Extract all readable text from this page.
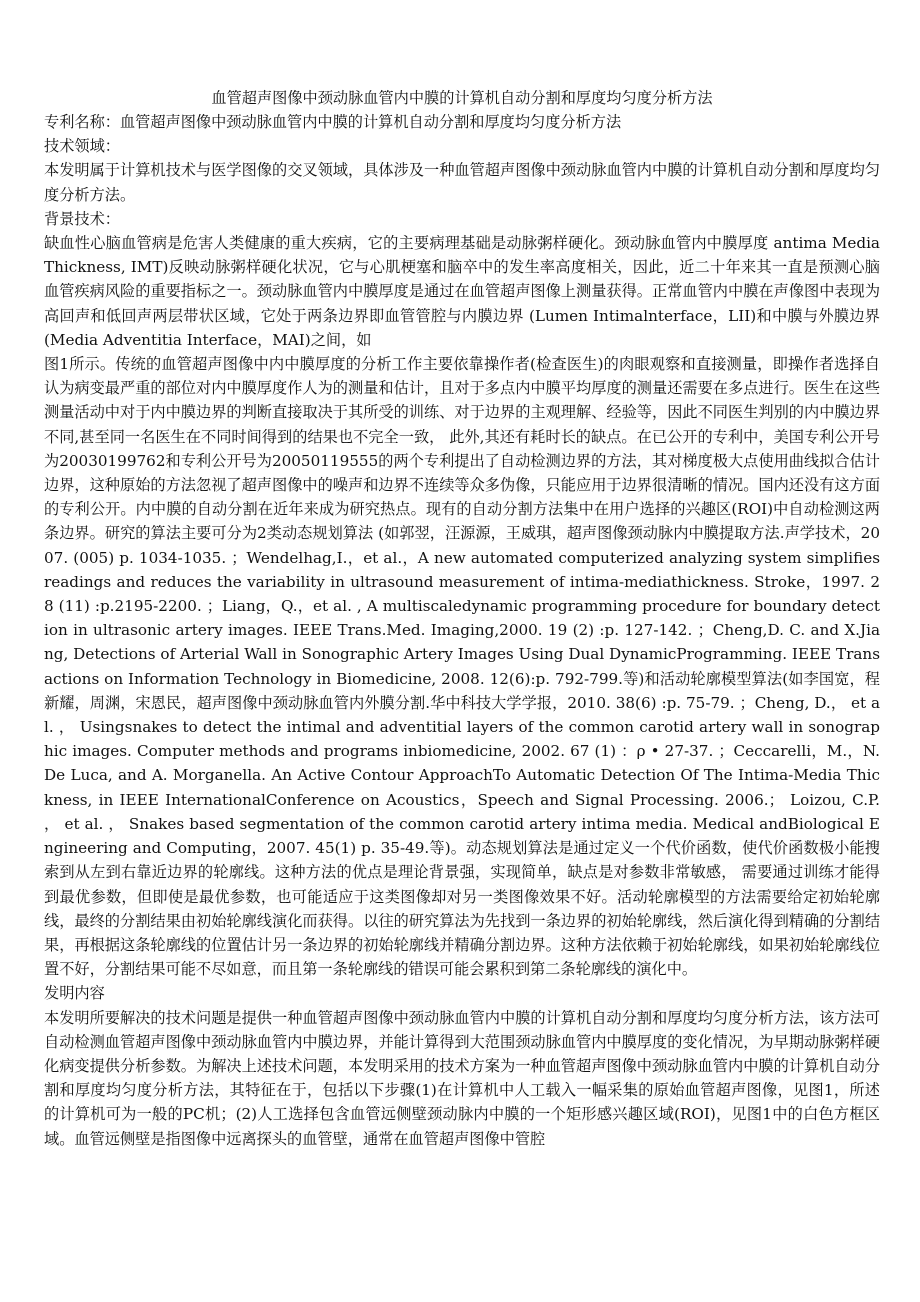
血管超声图像中颈动脉血管内中膜的计算机自动分割和厚度均匀度分析方法

专利名称：血管超声图像中颈动脉血管内中膜的计算机自动分割和厚度均匀度分析方法

技术领域：

本发明属于计算机技术与医学图像的交叉领域，具体涉及一种血管超声图像中颈动脉血管内中膜的计算机自动分割和厚度均匀度分析方法。

背景技术：

缺血性心脑血管病是危害人类健康的重大疾病，它的主要病理基础是动脉粥样硬化。颈动脉血管内中膜厚度 antima Media Thickness, IMT)反映动脉粥样硬化状况，它与心肌梗塞和脑卒中的发生率高度相关，因此，近二十年来其一直是预测心脑血管疾病风险的重要指标之一。颈动脉血管内中膜厚度是通过在血管超声图像上测量获得。正常血管内中膜在声像图中表现为高回声和低回声两层带状区域，它处于两条边界即血管管腔与内膜边界 (Lumen Intimalnterface，LII)和中膜与外膜边界(Media Adventitia Interface，MAI)之间，如

图1所示。传统的血管超声图像中内中膜厚度的分析工作主要依靠操作者(检查医生)的肉眼观察和直接测量，即操作者选择自认为病变最严重的部位对内中膜厚度作人为的测量和估计，且对于多点内中膜平均厚度的测量还需要在多点进行。医生在这些测量活动中对于内中膜边界的判断直接取决于其所受的训练、对于边界的主观理解、经验等，因此不同医生判别的内中膜边界不同,甚至同一名医生在不同时间得到的结果也不完全一致， 此外,其还有耗时长的缺点。在已公开的专利中，美国专利公开号为20030199762和专利公开号为20050119555的两个专利提出了自动检测边界的方法，其对梯度极大点使用曲线拟合估计边界，这种原始的方法忽视了超声图像中的噪声和边界不连续等众多伪像，只能应用于边界很清晰的情况。国内还没有这方面的专利公开。内中膜的自动分割在近年来成为研究热点。现有的自动分割方法集中在用户选择的兴趣区(ROI)中自动检测这两条边界。研究的算法主要可分为2类动态规划算法 (如郭翌，汪源源，王威琪，超声图像颈动脉内中膜提取方法.声学技术，2007. (005) p. 1034-1035. ；Wendelhag,I.，et al.，A new automated computerized analyzing system simplifiesreadings and reduces the variability in ultrasound measurement of intima-mediathickness. Stroke，1997. 28 (11) :p.2195-2200. ；Liang，Q.，et al. , A multiscaledynamic programming procedure for boundary detection in ultrasonic artery images. IEEE Trans.Med. Imaging,2000. 19 (2) :p. 127-142. ；Cheng,D. C. and X.Jiang, Detections of Arterial Wall in Sonographic Artery Images Using Dual DynamicProgramming. IEEE Transactions on Information Technology in Biomedicine, 2008. 12(6):p. 792-799.等)和活动轮廓模型算法(如李国宽，程新耀，周渊，宋恩民，超声图像中颈动脉血管内外膜分割.华中科技大学学报，2010. 38(6) :p. 75-79. ；Cheng, D.， et al. ， Usingsnakes to detect the intimal and adventitial layers of the common carotid artery wall in sonographic images. Computer methods and programs inbiomedicine, 2002. 67 (1) ：ρ • 27-37. ；Ceccarelli，M.，N. De Luca, and A. Morganella. An Active Contour ApproachTo Automatic Detection Of The Intima-Media Thickness, in IEEE InternationalConference on Acoustics，Speech and Signal Processing. 2006.； Loizou, C.P. ， et al. ， Snakes based segmentation of the common carotid artery intima media. Medical andBiological Engineering and Computing，2007. 45(1) p. 35-49.等)。动态规划算法是通过定义一个代价函数，使代价函数极小能搜索到从左到右靠近边界的轮廓线。这种方法的优点是理论背景强，实现简单，缺点是对参数非常敏感， 需要通过训练才能得到最优参数，但即使是最优参数，也可能适应于这类图像却对另一类图像效果不好。活动轮廓模型的方法需要给定初始轮廓线，最终的分割结果由初始轮廓线演化而获得。以往的研究算法为先找到一条边界的初始轮廓线，然后演化得到精确的分割结果，再根据这条轮廓线的位置估计另一条边界的初始轮廓线并精确分割边界。这种方法依赖于初始轮廓线，如果初始轮廓线位置不好，分割结果可能不尽如意，而且第一条轮廓线的错误可能会累积到第二条轮廓线的演化中。

发明内容

本发明所要解决的技术问题是提供一种血管超声图像中颈动脉血管内中膜的计算机自动分割和厚度均匀度分析方法，该方法可自动检测血管超声图像中颈动脉血管内中膜边界，并能计算得到大范围颈动脉血管内中膜厚度的变化情况，为早期动脉粥样硬化病变提供分析参数。为解决上述技术问题，本发明采用的技术方案为一种血管超声图像中颈动脉血管内中膜的计算机自动分割和厚度均匀度分析方法，其特征在于，包括以下步骤(1)在计算机中人工载入一幅采集的原始血管超声图像，见图1，所述的计算机可为一般的PC机；(2)人工选择包含血管远侧壁颈动脉内中膜的一个矩形感兴趣区域(ROI)，见图1中的白色方框区域。血管远侧壁是指图像中远离探头的血管壁，通常在血管超声图像中管腔
